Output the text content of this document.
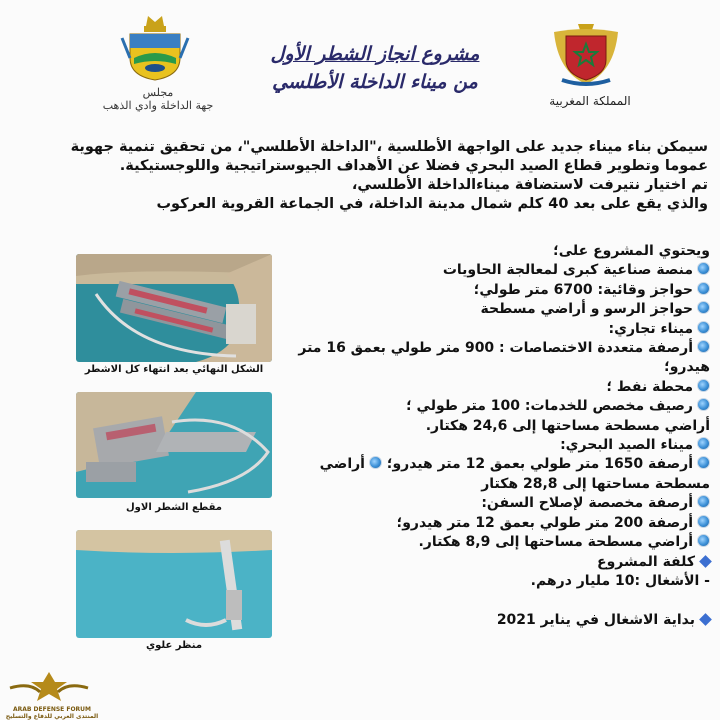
مجلس
جهة الداخلة وادي الذهب
مشروع انجاز الشطر الأول
من ميناء الداخلة الأطلسي
المملكة المغربية

سيمكن بناء ميناء جديد على الواجهة الأطلسية ،"الداخلة الأطلسي"، من تحقيق تنمية جهوية

عموما وتطوير قطاع الصيد البحري فضلا عن الأهداف الجيوستراتيجية واللوجستيكية.

تم اختيار نتيرفت لاستضافة ميناءالداخلة الأطلسي،

والذي يقع على بعد 40 كلم شمال مدينة الداخلة، في الجماعة القروية العركوب

الشكل النهائي بعد انتهاء كل الاشطر
مقطع الشطر الاول
منظر علوي
ويحتوي المشروع على؛
منصة صناعية كبرى لمعالجة الحاويات
حواجز وقائية: 6700 متر طولي؛
حواجز الرسو و أراضي مسطحة
ميناء تجاري:
أرصفة متعددة الاختصاصات : 900 متر طولي بعمق 16 متر
هيدرو؛
محطة نفط ؛
رصيف مخصص للخدمات: 100 متر طولي ؛
أراضي مسطحة مساحتها إلى 24,6 هكتار.
ميناء الصيد البحري:
أرصفة 1650 متر طولي بعمق 12 متر هيدرو؛ أراضي
مسطحة مساحتها إلى 28,8 هكتار
أرصفة مخصصة لإصلاح السفن:
أرصفة 200 متر طولي بعمق 12 متر هيدرو؛
أراضي مسطحة مساحتها إلى 8,9 هكتار.
كلفة المشروع
- الأشغال :10 مليار درهم.
بداية الاشغال في يناير 2021
ARAB DEFENSE FORUM
المنتدى العربي للدفاع والتسليح
